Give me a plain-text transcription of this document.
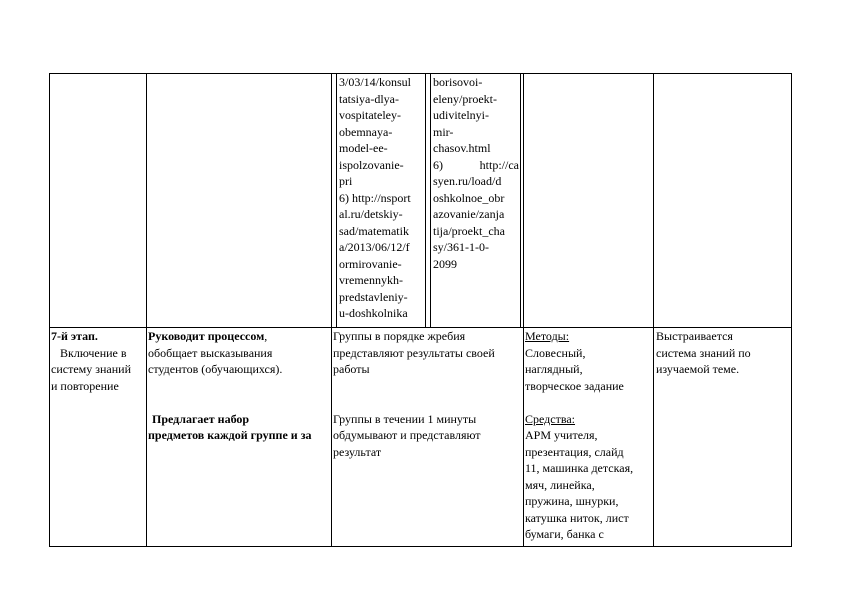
3/03/14/konsul
tatsiya-dlya-
vospitateley-
obemnaya-
model-ee-
ispolzovanie-
pri
6) http://nsport
al.ru/detskiy-
sad/matematik
a/2013/06/12/f
ormirovanie-
vremennykh-
predstavleniy-
u-doshkolnika
borisovoi-
eleny/proekt-
udivitelnyi-
mir-
chasov.html
6)	http://ca
syen.ru/load/d
oshkolnoe_obr
azovanie/zanja
tija/proekt_cha
sy/361-1-0-
2099
7-й этап.
Включение в
систему знаний
и повторение
Руководит процессом,
обобщает высказывания
студентов (обучающихся).
Предлагает набор
предметов каждой группе и за
Группы в порядке жребия
представляют результаты своей
работы
Группы в течении 1 минуты
обдумывают и представляют
результат
Методы:
Словесный,
наглядный,
творческое задание
Средства:
АРМ учителя,
презентация, слайд
11, машинка детская,
мяч, линейка,
пружина, шнурки,
катушка ниток, лист
бумаги, банка с
Выстраивается
система знаний по
изучаемой теме.
